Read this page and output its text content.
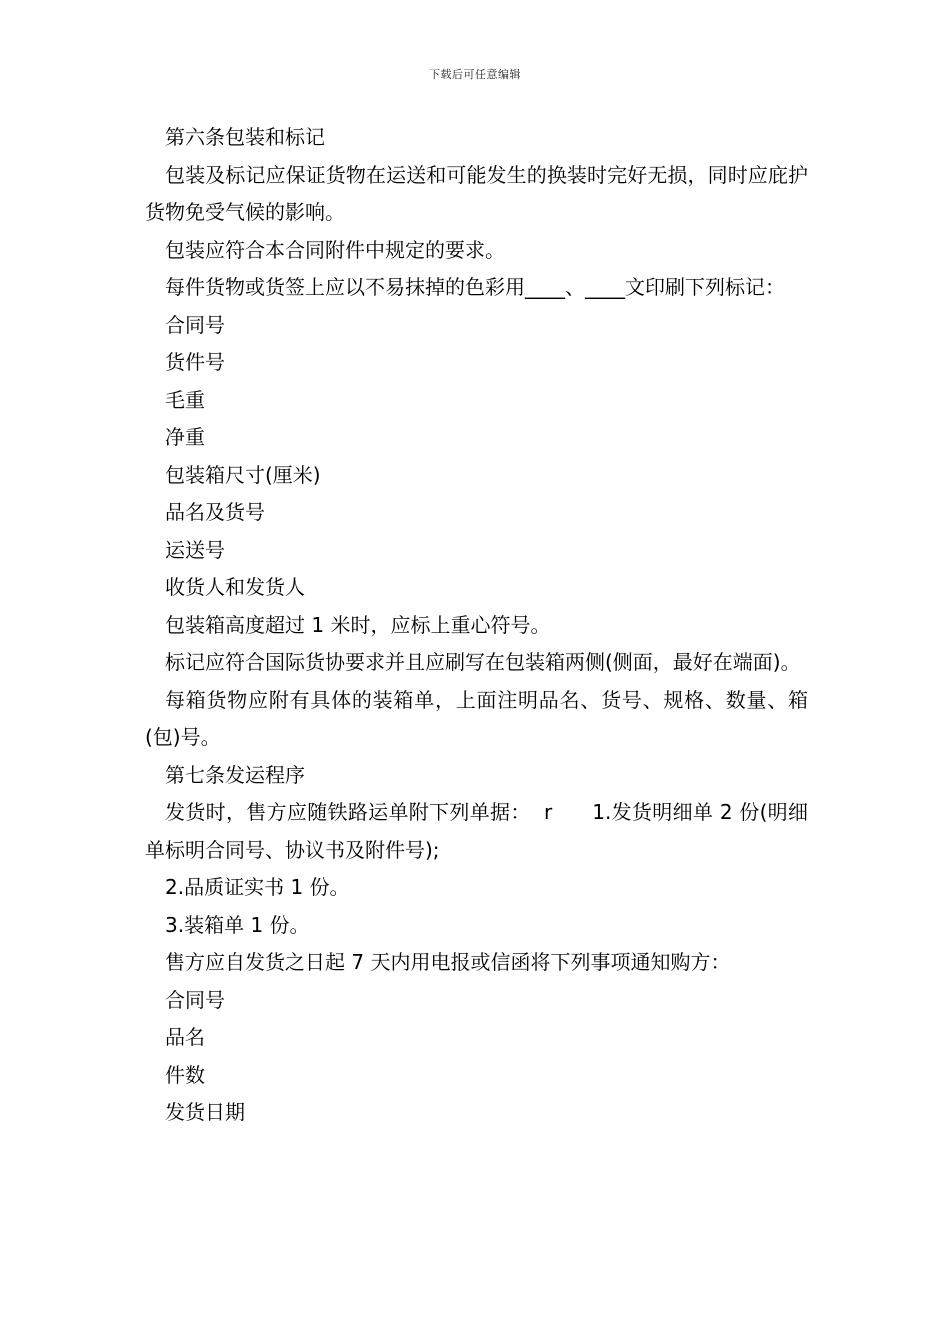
下载后可任意编辑

第六条包装和标记

包装及标记应保证货物在运送和可能发生的换装时完好无损，同时应庇护货物免受气候的影响。

包装应符合本合同附件中规定的要求。

每件货物或货签上应以不易抹掉的色彩用____、____文印刷下列标记：

合同号

货件号

毛重

净重

包装箱尺寸(厘米)

品名及货号

运送号

收货人和发货人

包装箱高度超过 1 米时，应标上重心符号。

标记应符合国际货协要求并且应刷写在包装箱两侧(侧面，最好在端面)。

每箱货物应附有具体的装箱单，上面注明品名、货号、规格、数量、箱(包)号。

第七条发运程序

发货时，售方应随铁路运单附下列单据：  r      1.发货明细单 2 份(明细单标明合同号、协议书及附件号);

2.品质证实书 1 份。

3.装箱单 1 份。

售方应自发货之日起 7 天内用电报或信函将下列事项通知购方：

合同号

品名

件数

发货日期
